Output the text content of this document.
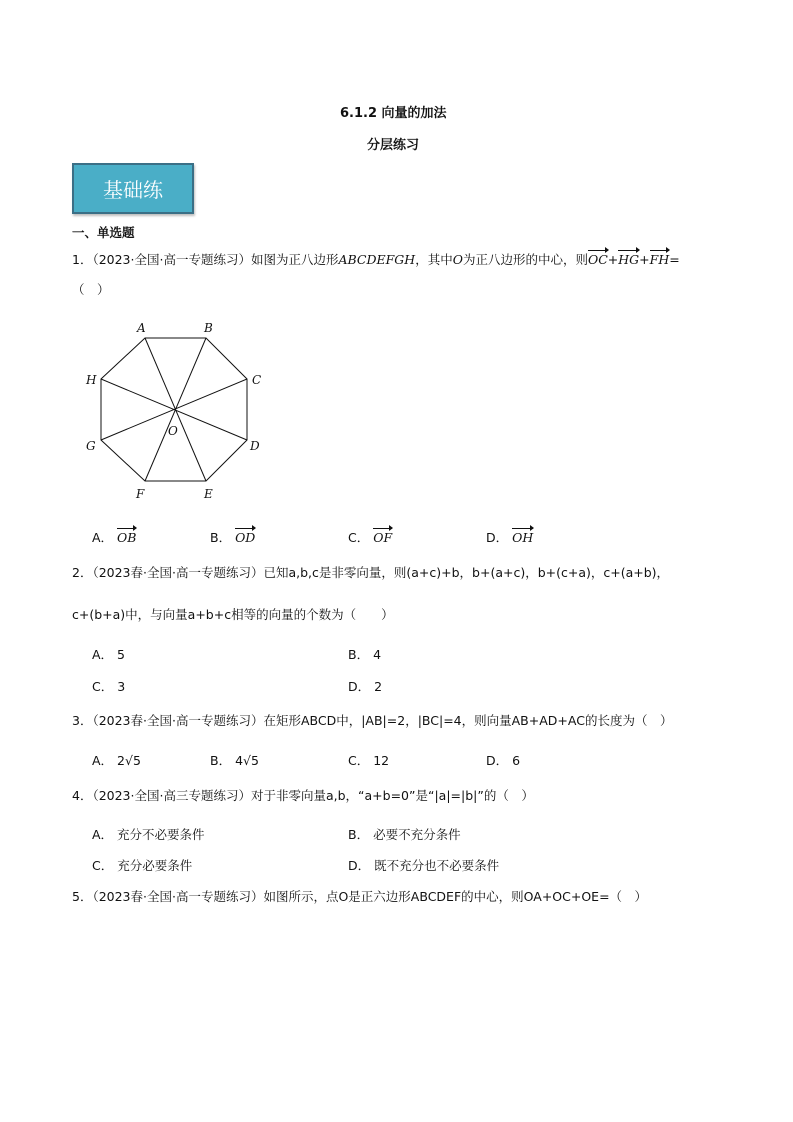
6.1.2 向量的加法
分层练习
基础练
一、单选题
1．（2023·全国·高一专题练习）如图为正八边形ABCDEFGH，其中O为正八边形的中心，则OC+HG+FH=
（　）
A	B
C
D
E
F
G
H
O
A． OB	B． OD	C． OF	D． OH
2．（2023春·全国·高一专题练习）已知a,b,c是非零向量，则(a+c)+b，b+(a+c)，b+(c+a)，c+(a+b)，
c+(b+a)中，与向量a+b+c相等的向量的个数为（　　）
A． 5	B． 4
C． 3	D． 2
3．（2023春·全国·高一专题练习）在矩形ABCD中，|AB|=2，|BC|=4，则向量AB+AD+AC的长度为（　）
A． 2√5	B． 4√5	C． 12	D． 6
4．（2023·全国·高三专题练习）对于非零向量a,b，“a+b=0”是“|a|=|b|”的（　）
A． 充分不必要条件	B． 必要不充分条件
C． 充分必要条件	D． 既不充分也不必要条件
5．（2023春·全国·高一专题练习）如图所示，点O是正六边形ABCDEF的中心，则OA+OC+OE=（　）
